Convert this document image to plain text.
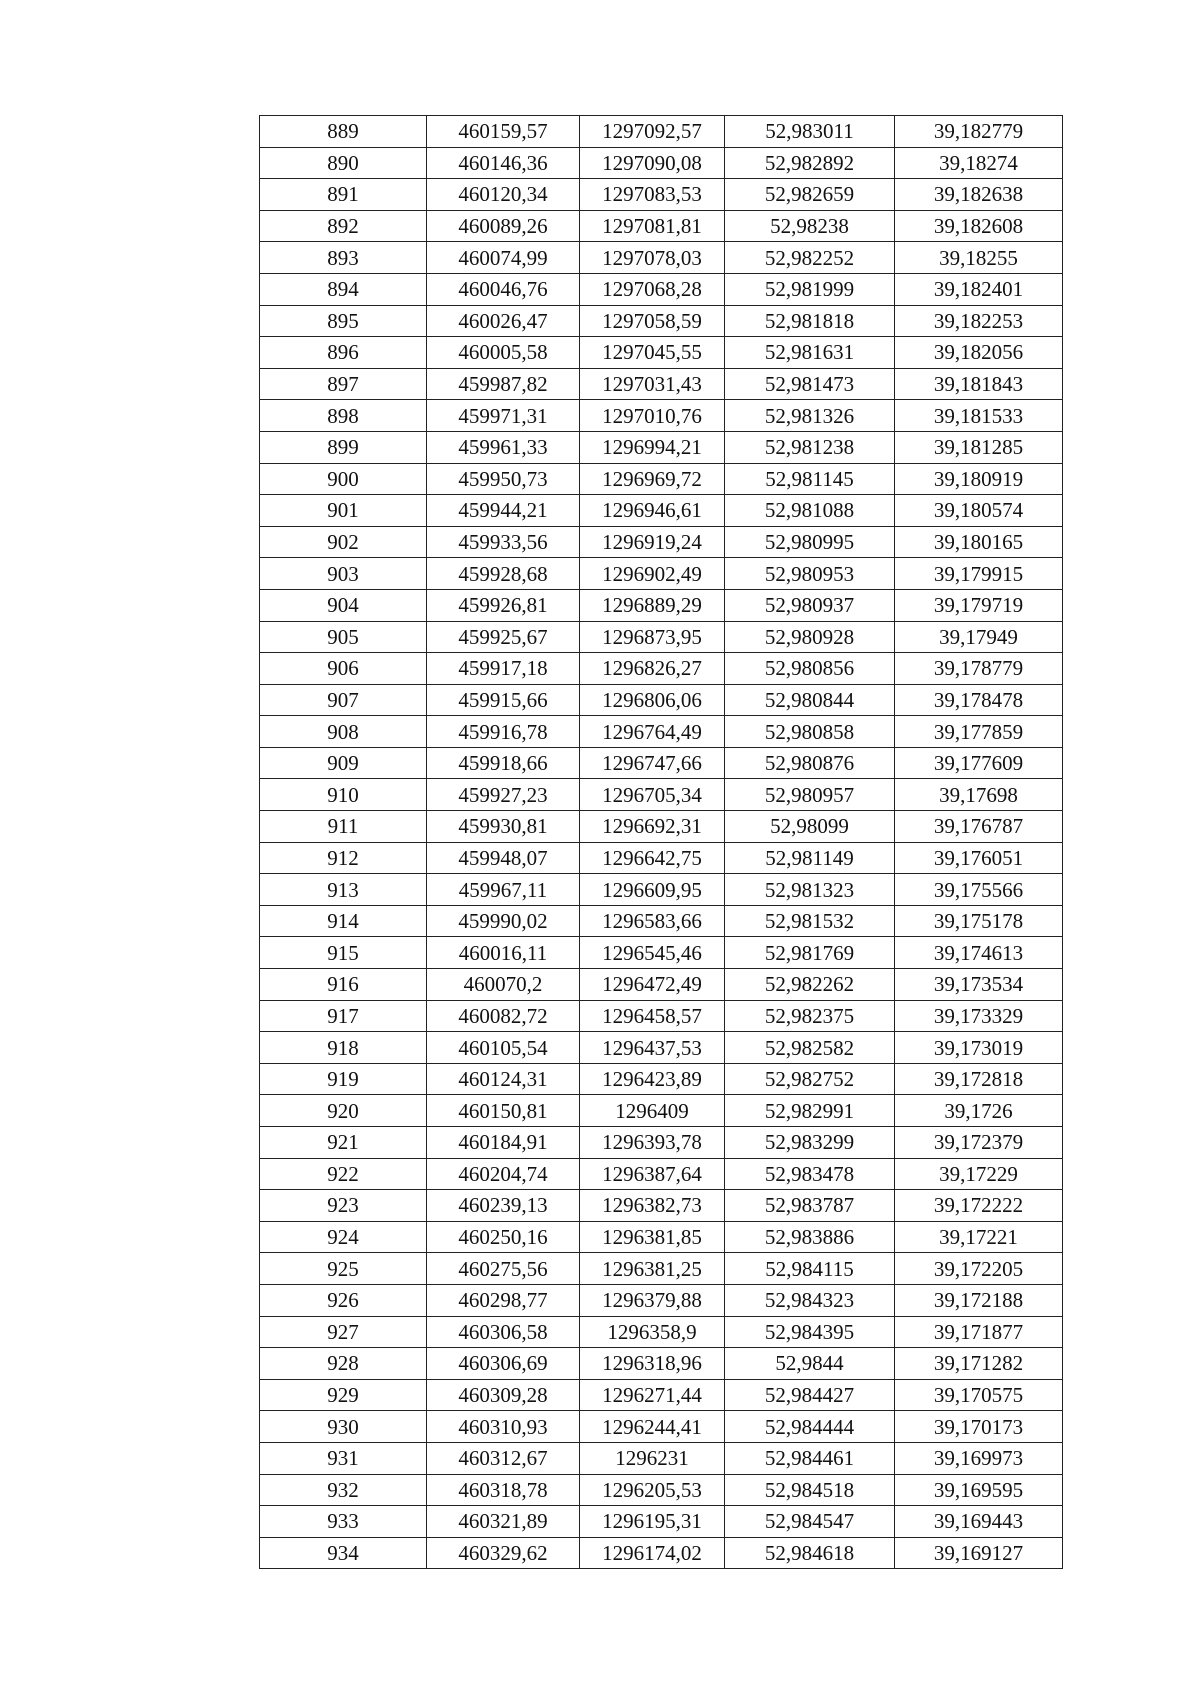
889	460159,57	1297092,57	52,983011	39,182779
890	460146,36	1297090,08	52,982892	39,18274
891	460120,34	1297083,53	52,982659	39,182638
892	460089,26	1297081,81	52,98238	39,182608
893	460074,99	1297078,03	52,982252	39,18255
894	460046,76	1297068,28	52,981999	39,182401
895	460026,47	1297058,59	52,981818	39,182253
896	460005,58	1297045,55	52,981631	39,182056
897	459987,82	1297031,43	52,981473	39,181843
898	459971,31	1297010,76	52,981326	39,181533
899	459961,33	1296994,21	52,981238	39,181285
900	459950,73	1296969,72	52,981145	39,180919
901	459944,21	1296946,61	52,981088	39,180574
902	459933,56	1296919,24	52,980995	39,180165
903	459928,68	1296902,49	52,980953	39,179915
904	459926,81	1296889,29	52,980937	39,179719
905	459925,67	1296873,95	52,980928	39,17949
906	459917,18	1296826,27	52,980856	39,178779
907	459915,66	1296806,06	52,980844	39,178478
908	459916,78	1296764,49	52,980858	39,177859
909	459918,66	1296747,66	52,980876	39,177609
910	459927,23	1296705,34	52,980957	39,17698
911	459930,81	1296692,31	52,98099	39,176787
912	459948,07	1296642,75	52,981149	39,176051
913	459967,11	1296609,95	52,981323	39,175566
914	459990,02	1296583,66	52,981532	39,175178
915	460016,11	1296545,46	52,981769	39,174613
916	460070,2	1296472,49	52,982262	39,173534
917	460082,72	1296458,57	52,982375	39,173329
918	460105,54	1296437,53	52,982582	39,173019
919	460124,31	1296423,89	52,982752	39,172818
920	460150,81	1296409	52,982991	39,1726
921	460184,91	1296393,78	52,983299	39,172379
922	460204,74	1296387,64	52,983478	39,17229
923	460239,13	1296382,73	52,983787	39,172222
924	460250,16	1296381,85	52,983886	39,17221
925	460275,56	1296381,25	52,984115	39,172205
926	460298,77	1296379,88	52,984323	39,172188
927	460306,58	1296358,9	52,984395	39,171877
928	460306,69	1296318,96	52,9844	39,171282
929	460309,28	1296271,44	52,984427	39,170575
930	460310,93	1296244,41	52,984444	39,170173
931	460312,67	1296231	52,984461	39,169973
932	460318,78	1296205,53	52,984518	39,169595
933	460321,89	1296195,31	52,984547	39,169443
934	460329,62	1296174,02	52,984618	39,169127
